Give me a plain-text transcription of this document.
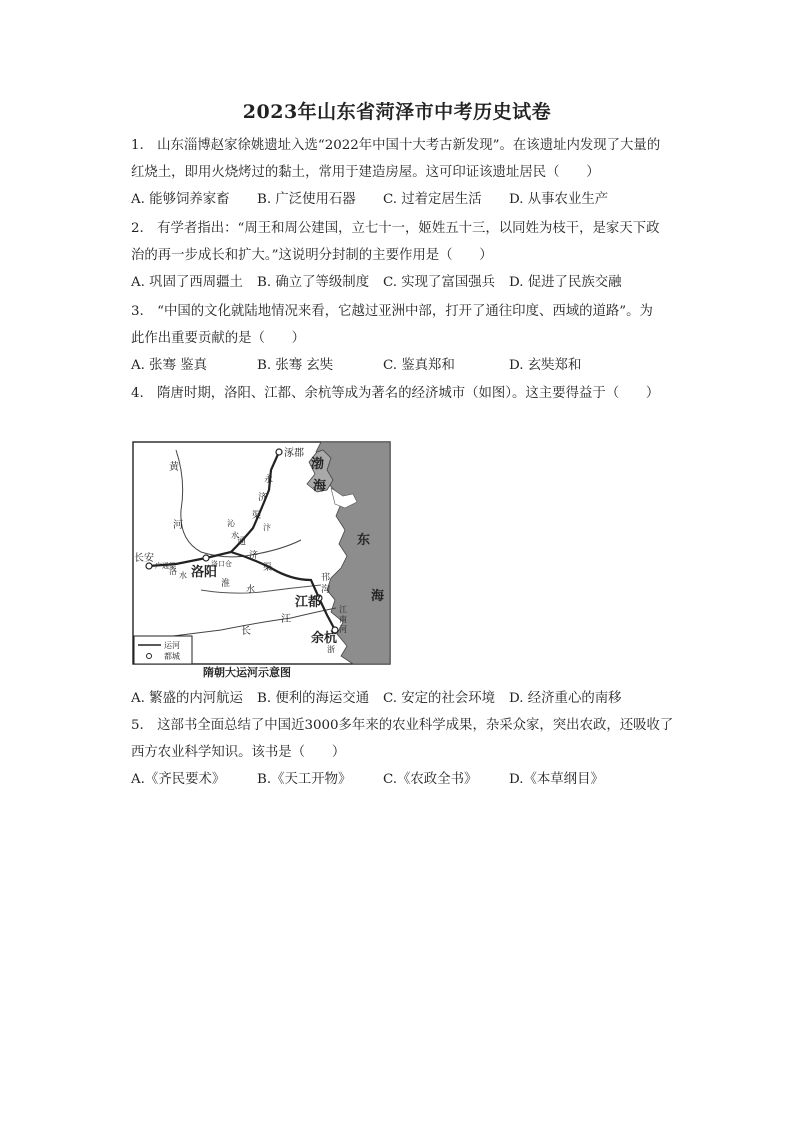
2023年山东省菏泽市中考历史试卷
1.　山东淄博赵家徐姚遗址入选“2022年中国十大考古新发现”。在该遗址内发现了大量的
红烧土，即用火烧烤过的黏土，常用于建造房屋。这可印证该遗址居民（　　）
A. 能够饲养家畜 B. 广泛使用石器 C. 过着定居生活 D. 从事农业生产
2.　有学者指出：“周王和周公建国，立七十一，姬姓五十三，以同姓为枝干，是家天下政
治的再一步成长和扩大。”这说明分封制的主要作用是（　　）
A. 巩固了西周疆土 B. 确立了等级制度 C. 实现了富国强兵 D. 促进了民族交融
3.　“中国的文化就陆地情况来看，它越过亚洲中部，打开了通往印度、西域的道路”。为
此作出重要贡献的是（　　）
A. 张骞 鉴真	B. 张骞 玄奘	C. 鉴真郑和	D. 玄奘郑和
4.　隋唐时期，洛阳、江都、余杭等成为著名的经济城市（如图）。这主要得益于（　　）
涿郡
长安
洛阳
洛口仓
江都
余杭
渤
海
东
海
永
济
渠
通
济
渠
邗
沟
江
南
河
广通渠
黄
河
淮
水
洛 水
沁
水
汴
长
江
浙
运河
都城
隋朝大运河示意图
A. 繁盛的内河航运 B. 便利的海运交通 C. 安定的社会环境 D. 经济重心的南移
5.　这部书全面总结了中国近3000多年来的农业科学成果，杂采众家，突出农政，还吸收了
西方农业科学知识。该书是（　　）
A.《齐民要术》 B.《天工开物》 C.《农政全书》 D.《本草纲目》
